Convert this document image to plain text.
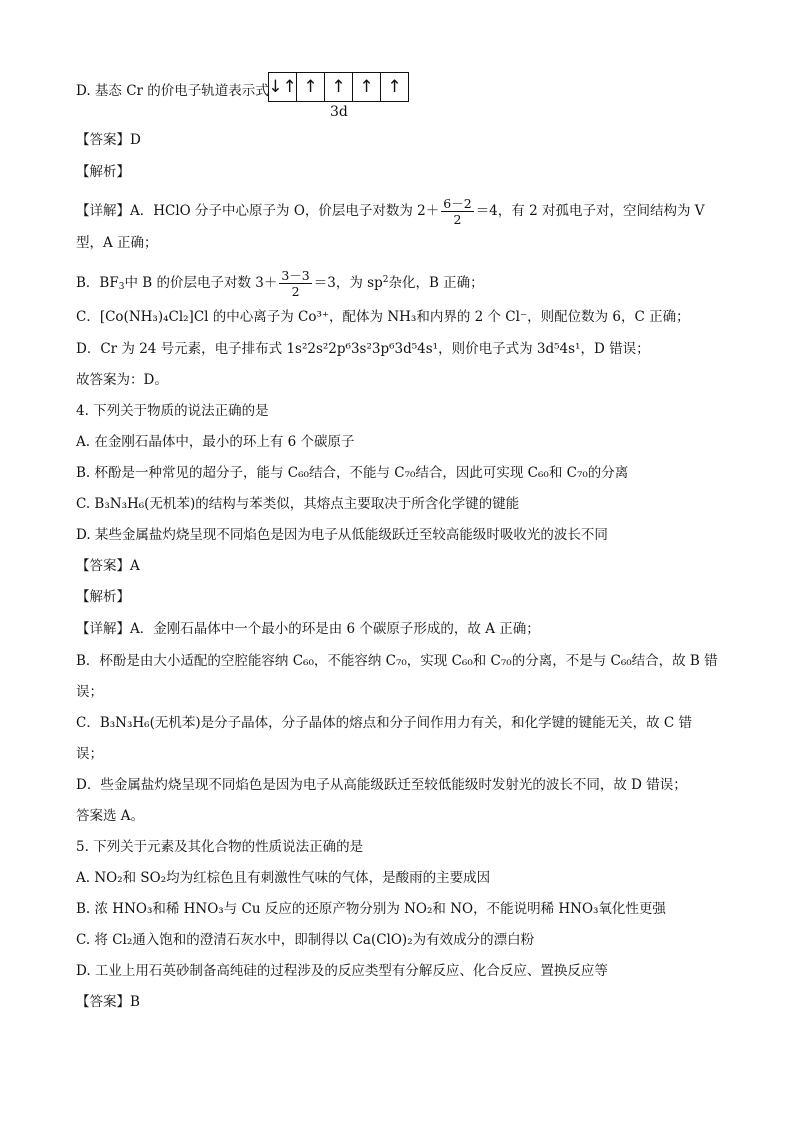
D. 基态 Cr 的价电子轨道表示式 ↓↑ ↑ ↑ ↑ ↑
3d
【答案】D
【解析】
【详解】A．HClO 分子中心原子为 O，价层电子对数为 $2+ \frac{6-2}{2} =4$，有 2 对孤电子对，空间结构为 V
型，A 正确；
B．$BF_3$中 B 的价层电子对数 $3+ \frac{3-3}{2} =3$，为 $sp^2$杂化，B 正确；
C．[Co(NH₃)₄Cl₂]Cl 的中心离子为 Co³⁺，配体为 NH₃和内界的 2 个 Cl⁻，则配位数为 6，C 正确；
D．Cr 为 24 号元素，电子排布式 1s²2s²2p⁶3s²3p⁶3d⁵4s¹，则价电子式为 3d⁵4s¹，D 错误；
故答案为：D。
4. 下列关于物质的说法正确的是
A. 在金刚石晶体中，最小的环上有 6 个碳原子
B. 杯酚是一种常见的超分子，能与 C₆₀结合，不能与 C₇₀结合，因此可实现 C₆₀和 C₇₀的分离
C. B₃N₃H₆(无机苯)的结构与苯类似，其熔点主要取决于所含化学键的键能
D. 某些金属盐灼烧呈现不同焰色是因为电子从低能级跃迁至较高能级时吸收光的波长不同
【答案】A
【解析】
【详解】A．金刚石晶体中一个最小的环是由 6 个碳原子形成的，故 A 正确；
B．杯酚是由大小适配的空腔能容纳 C₆₀，不能容纳 C₇₀，实现 C₆₀和 C₇₀的分离，不是与 C₆₀结合，故 B 错
误；
C．B₃N₃H₆(无机苯)是分子晶体，分子晶体的熔点和分子间作用力有关，和化学键的键能无关，故 C 错
误；
D．些金属盐灼烧呈现不同焰色是因为电子从高能级跃迁至较低能级时发射光的波长不同，故 D 错误；
答案选 A。
5. 下列关于元素及其化合物的性质说法正确的是
A. NO₂和 SO₂均为红棕色且有刺激性气味的气体，是酸雨的主要成因
B. 浓 HNO₃和稀 HNO₃与 Cu 反应的还原产物分别为 NO₂和 NO，不能说明稀 HNO₃氧化性更强
C. 将 Cl₂通入饱和的澄清石灰水中，即制得以 Ca(ClO)₂为有效成分的漂白粉
D. 工业上用石英砂制备高纯硅的过程涉及的反应类型有分解反应、化合反应、置换反应等
【答案】B
